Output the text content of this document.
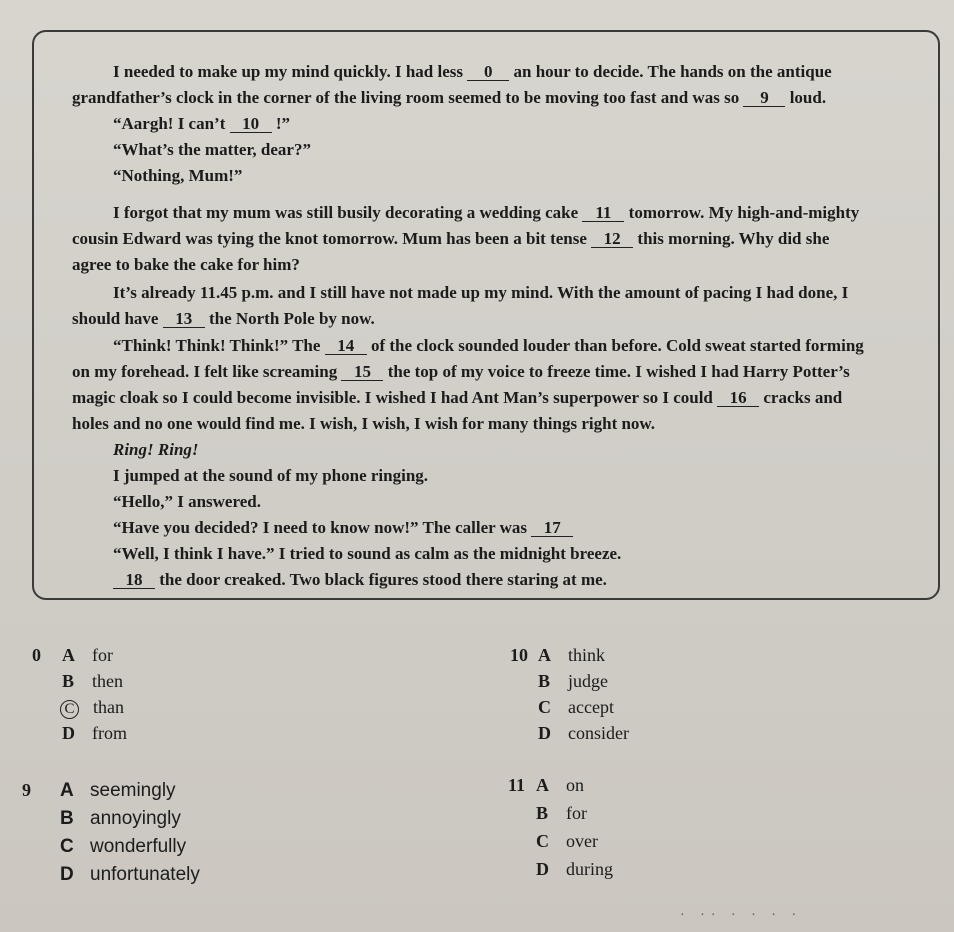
I needed to make up my mind quickly. I had less 0 an hour to decide. The hands on the antique
grandfather’s clock in the corner of the living room seemed to be moving too fast and was so 9 loud.
“Aargh! I can’t 10 !”
“What’s the matter, dear?”
“Nothing, Mum!”
I forgot that my mum was still busily decorating a wedding cake 11 tomorrow. My high-and-mighty
cousin Edward was tying the knot tomorrow. Mum has been a bit tense 12 this morning. Why did she
agree to bake the cake for him?
It’s already 11.45 p.m. and I still have not made up my mind. With the amount of pacing I had done, I
should have 13 the North Pole by now.
“Think! Think! Think!” The 14 of the clock sounded louder than before. Cold sweat started forming
on my forehead. I felt like screaming 15 the top of my voice to freeze time. I wished I had Harry Potter’s
magic cloak so I could become invisible. I wished I had Ant Man’s superpower so I could 16 cracks and
holes and no one would find me. I wish, I wish, I wish for many things right now.
Ring! Ring!
I jumped at the sound of my phone ringing.
“Hello,” I answered.
“Have you decided? I need to know now!” The caller was 17
“Well, I think I have.” I tried to sound as calm as the midnight breeze.
18 the door creaked. Two black figures stood there staring at me.
0 A for
B then
C than
D from
10 A think
B judge
C accept
D consider
9 A seemingly
B annoyingly
C wonderfully
D unfortunately
11 A on
B for
C over
D during
· ·· · · · ·
